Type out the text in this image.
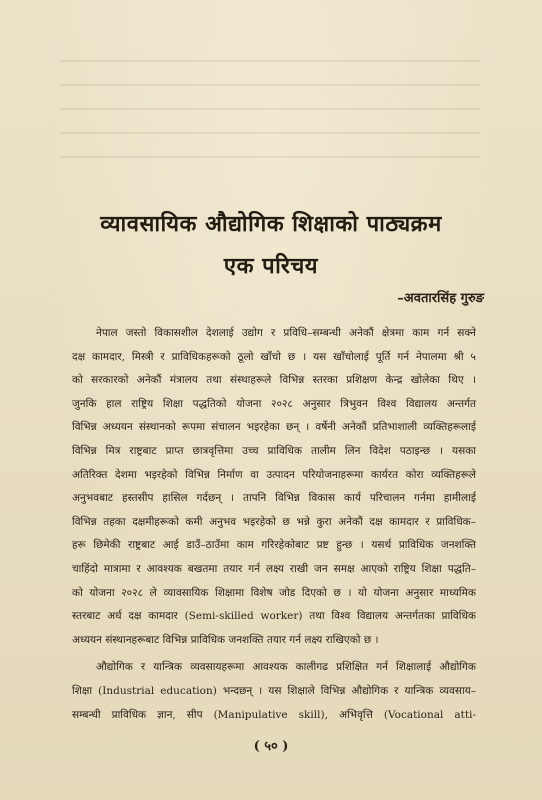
व्यावसायिक औद्योगिक शिक्षाको पाठ्यक्रम
एक परिचय
–अवतारसिंह गुरुङ

नेपाल जस्तो विकासशील देशलाई उद्योग र प्रविधि–सम्बन्धी अनेकौं क्षेत्रमा काम गर्न सक्ने

दक्ष कामदार, मिस्त्री र प्राविधिकहरूको ठूलो खाँचो छ । यस खाँचोलाई पूर्ति गर्न नेपालमा श्री ५

को सरकारको अनेकौं मंत्रालय तथा संस्थाहरूले विभिन्न स्तरका प्रशिक्षण केन्द्र खोलेका थिए ।

जुनकि हाल राष्ट्रिय शिक्षा पद्धतिको योजना २०२८ अनुसार त्रिभुवन विश्व विद्यालय अन्तर्गत

विभिन्न अध्ययन संस्थानको रूपमा संचालन भइरहेका छन् । वर्षेनी अनेकौं प्रतिभाशाली व्यक्तिहरूलाई

विभिन्न मित्र राष्ट्रबाट प्राप्त छात्रवृत्तिमा उच्च प्राविधिक तालीम लिन विदेश पठाइन्छ । यसका

अतिरिक्त देशमा भइरहेको विभिन्न निर्माण वा उत्पादन परियोजनाहरूमा कार्यरत कोरा व्यक्तिहरूले

अनुभवबाट हस्तसीप हासिल गर्दछन् । तापनि विभिन्न विकास कार्य परिचालन गर्नमा हामीलाई

विभिन्न तहका दक्षमीहरूको कमी अनुभव भइरहेको छ भन्ने कुरा अनेकौं दक्ष कामदार र प्राविधिक–

हरू छिमेकी राष्ट्रबाट आई डाउँ–ठाउँमा काम गरिरहेकोबाट प्रष्ट हुन्छ । यसर्थ प्राविधिक जनशक्ति

चाहिंदो मात्रामा र आवश्यक बखतमा तयार गर्न लक्ष्य राखी जन समक्ष आएको राष्ट्रिय शिक्षा पद्धति–

को योजना २०२८ ले व्यावसायिक शिक्षामा विशेष जोड दिएको छ । यो योजना अनुसार माध्यमिक

स्तरबाट अर्ध दक्ष कामदार (Semi-skilled worker) तथा विश्व विद्यालय अन्तर्गतका प्राविधिक

अध्ययन संस्थानहरूबाट विभिन्न प्राविधिक जनशक्ति तयार गर्न लक्ष्य राखिएको छ ।

औद्योगिक र यान्त्रिक व्यवसायहरूमा आवश्यक कालीगढ प्रशिक्षित गर्न शिक्षालाई औद्योगिक

शिक्षा (Industrial education) भन्दछन् । यस शिक्षाले विभिन्न औद्योगिक र यान्त्रिक व्यवसाय–

सम्बन्धी प्राविधिक ज्ञान, सीप (Manipulative skill), अभिवृत्ति (Vocational atti-

( ५० )
